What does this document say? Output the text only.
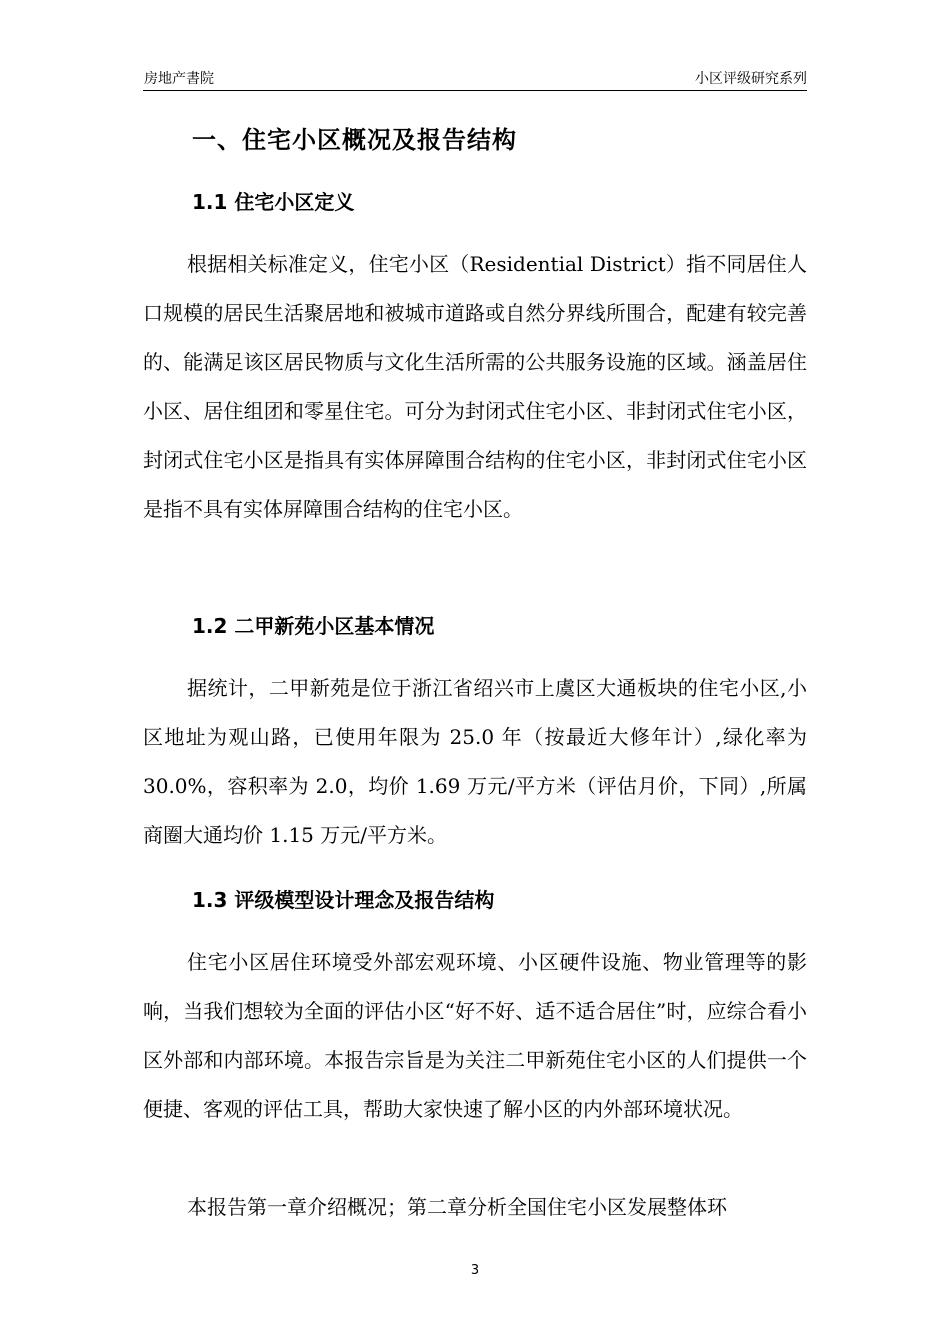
房地产書院	小区评级研究系列
一、住宅小区概况及报告结构
1.1 住宅小区定义

根据相关标准定义，住宅小区（Residential District）指不同居住人口规模的居民生活聚居地和被城市道路或自然分界线所围合，配建有较完善的、能满足该区居民物质与文化生活所需的公共服务设施的区域。涵盖居住小区、居住组团和零星住宅。可分为封闭式住宅小区、非封闭式住宅小区，封闭式住宅小区是指具有实体屏障围合结构的住宅小区，非封闭式住宅小区是指不具有实体屏障围合结构的住宅小区。

1.2 二甲新苑小区基本情况

据统计，二甲新苑是位于浙江省绍兴市上虞区大通板块的住宅小区,小区地址为观山路，已使用年限为 25.0 年（按最近大修年计）,绿化率为 30.0%，容积率为 2.0，均价 1.69 万元/平方米（评估月价，下同）,所属商圈大通均价 1.15 万元/平方米。

1.3 评级模型设计理念及报告结构

住宅小区居住环境受外部宏观环境、小区硬件设施、物业管理等的影响，当我们想较为全面的评估小区“好不好、适不适合居住”时，应综合看小区外部和内部环境。本报告宗旨是为关注二甲新苑住宅小区的人们提供一个便捷、客观的评估工具，帮助大家快速了解小区的内外部环境状况。

本报告第一章介绍概况；第二章分析全国住宅小区发展整体环

3
